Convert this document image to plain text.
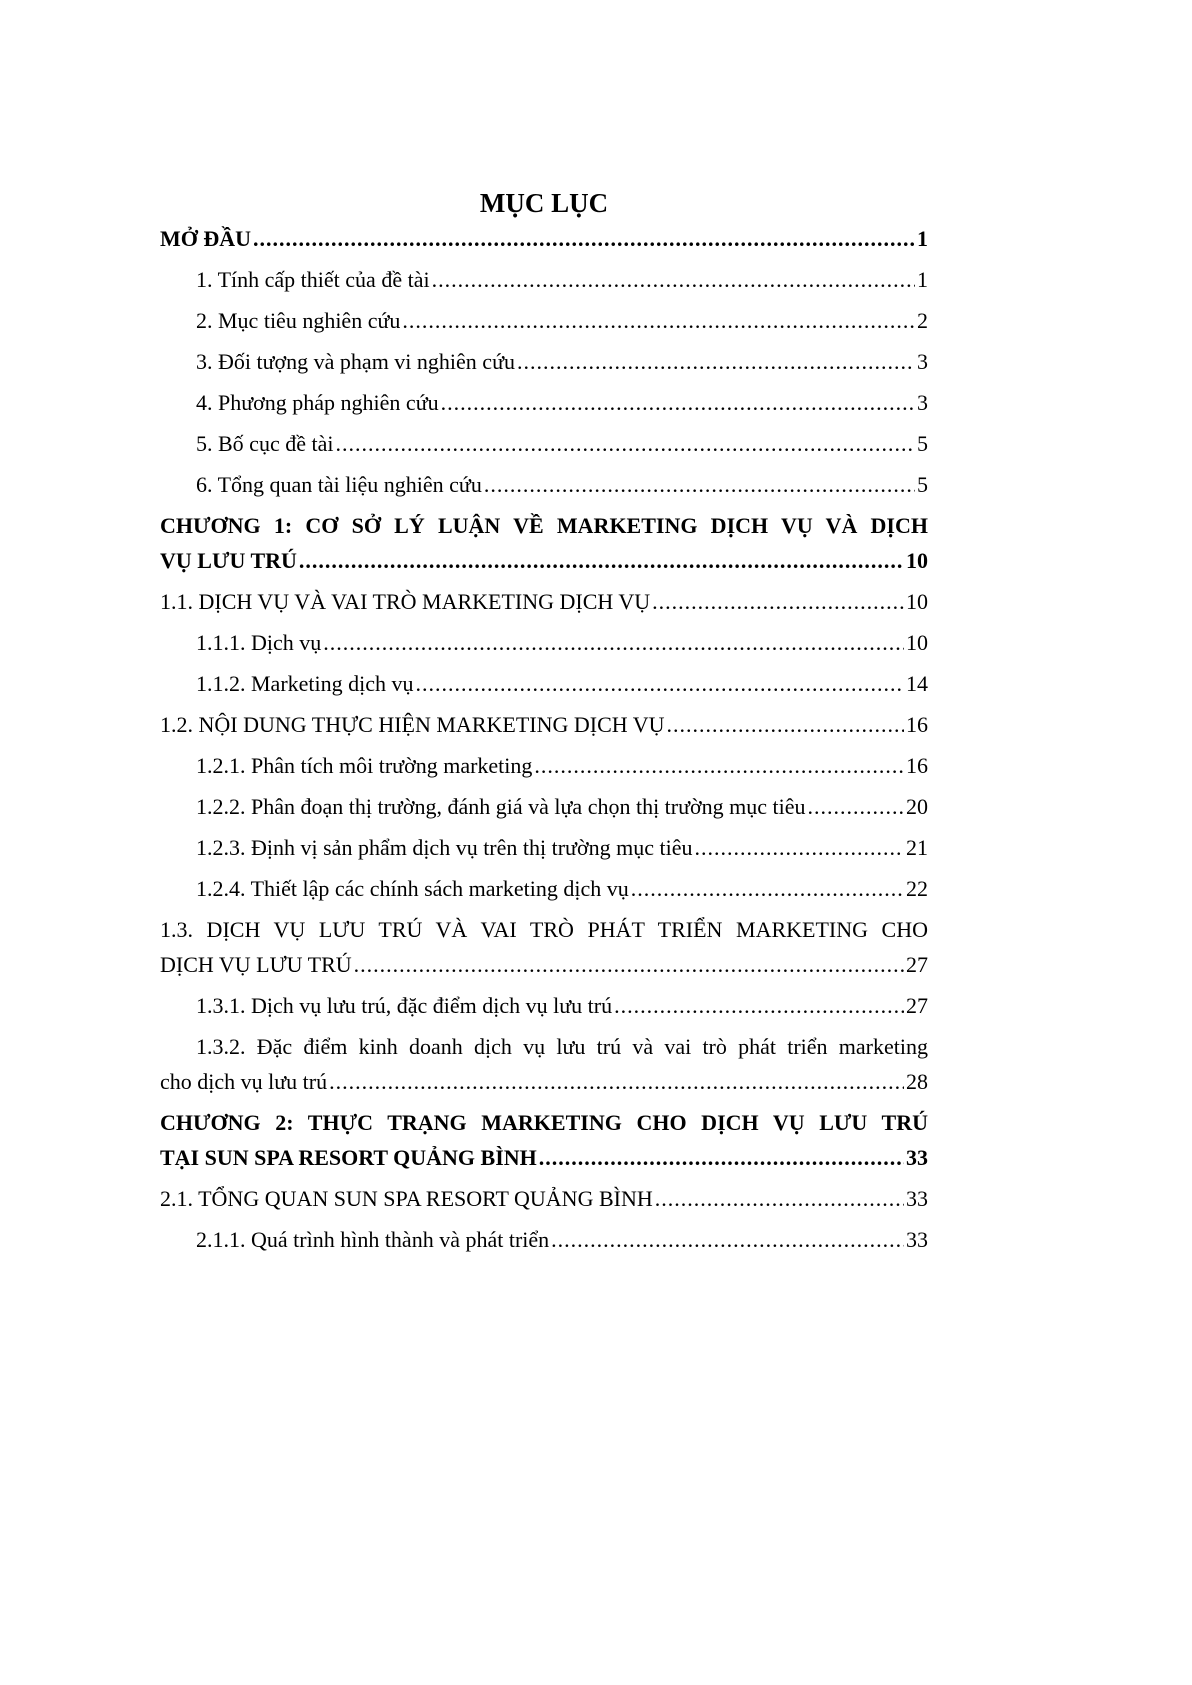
MỤC LỤC
MỞ ĐẦU .....	1
1. Tính cấp thiết của đề tài .....	1
2. Mục tiêu nghiên cứu .....	2
3. Đối tượng và phạm vi nghiên cứu .....	3
4. Phương pháp nghiên cứu .....	3
5. Bố cục đề tài .....	5
6. Tổng quan tài liệu nghiên cứu .....	5
CHƯƠNG 1: CƠ SỞ LÝ LUẬN VỀ MARKETING DỊCH VỤ VÀ DỊCH
VỤ LƯU TRÚ .....	10
1.1. DỊCH VỤ VÀ VAI TRÒ MARKETING DỊCH VỤ .....	10
1.1.1. Dịch vụ .....	10
1.1.2. Marketing dịch vụ .....	14
1.2. NỘI DUNG THỰC HIỆN MARKETING DỊCH VỤ .....	16
1.2.1. Phân tích môi trường marketing .....	16
1.2.2. Phân đoạn thị trường, đánh giá và lựa chọn thị trường mục tiêu .....	20
1.2.3. Định vị sản phẩm dịch vụ trên thị trường mục tiêu .....	21
1.2.4. Thiết lập các chính sách marketing dịch vụ .....	22
1.3. DỊCH VỤ LƯU TRÚ VÀ VAI TRÒ PHÁT TRIỂN MARKETING CHO
DỊCH VỤ LƯU TRÚ .....	27
1.3.1. Dịch vụ lưu trú, đặc điểm dịch vụ lưu trú .....	27
1.3.2. Đặc điểm kinh doanh dịch vụ lưu trú và vai trò phát triển marketing
cho dịch vụ lưu trú .....	28
CHƯƠNG 2: THỰC TRẠNG MARKETING CHO DỊCH VỤ LƯU TRÚ
TẠI SUN SPA RESORT QUẢNG BÌNH .....	33
2.1. TỔNG QUAN SUN SPA RESORT QUẢNG BÌNH .....	33
2.1.1. Quá trình hình thành và phát triển .....	33
